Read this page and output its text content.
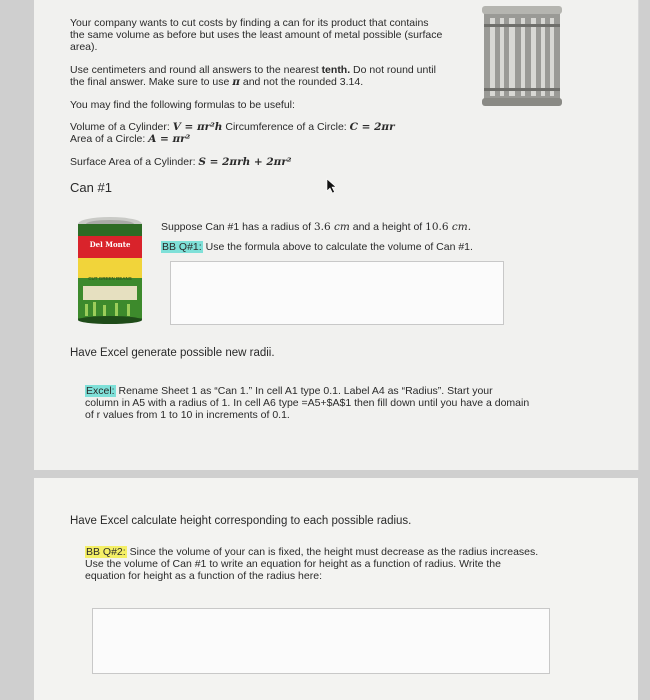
Your company wants to cut costs by finding a can for its product that contains
the same volume as before but uses the least amount of metal possible (surface
area).
Use centimeters and round all answers to the nearest tenth. Do not round until
the final answer. Make sure to use π and not the rounded 3.14.
You may find the following formulas to be useful:
Volume of a Cylinder: V = πr²h Circumference of a Circle: C = 2πr
Area of a Circle: A = πr²
Surface Area of a Cylinder: S = 2πrh + 2πr²
Can #1
Del Monte
CUT GREEN BEANS
Suppose Can #1 has a radius of 3.6 cm and a height of 10.6 cm.
BB Q#1: Use the formula above to calculate the volume of Can #1.
Have Excel generate possible new radii.
Excel: Rename Sheet 1 as “Can 1.” In cell A1 type 0.1. Label A4 as “Radius”. Start your
column in A5 with a radius of 1. In cell A6 type =A5+$A$1 then fill down until you have a domain
of r values from 1 to 10 in increments of 0.1.
Have Excel calculate height corresponding to each possible radius.
BB Q#2: Since the volume of your can is fixed, the height must decrease as the radius increases.
Use the volume of Can #1 to write an equation for height as a function of radius. Write the
equation for height as a function of the radius here:
